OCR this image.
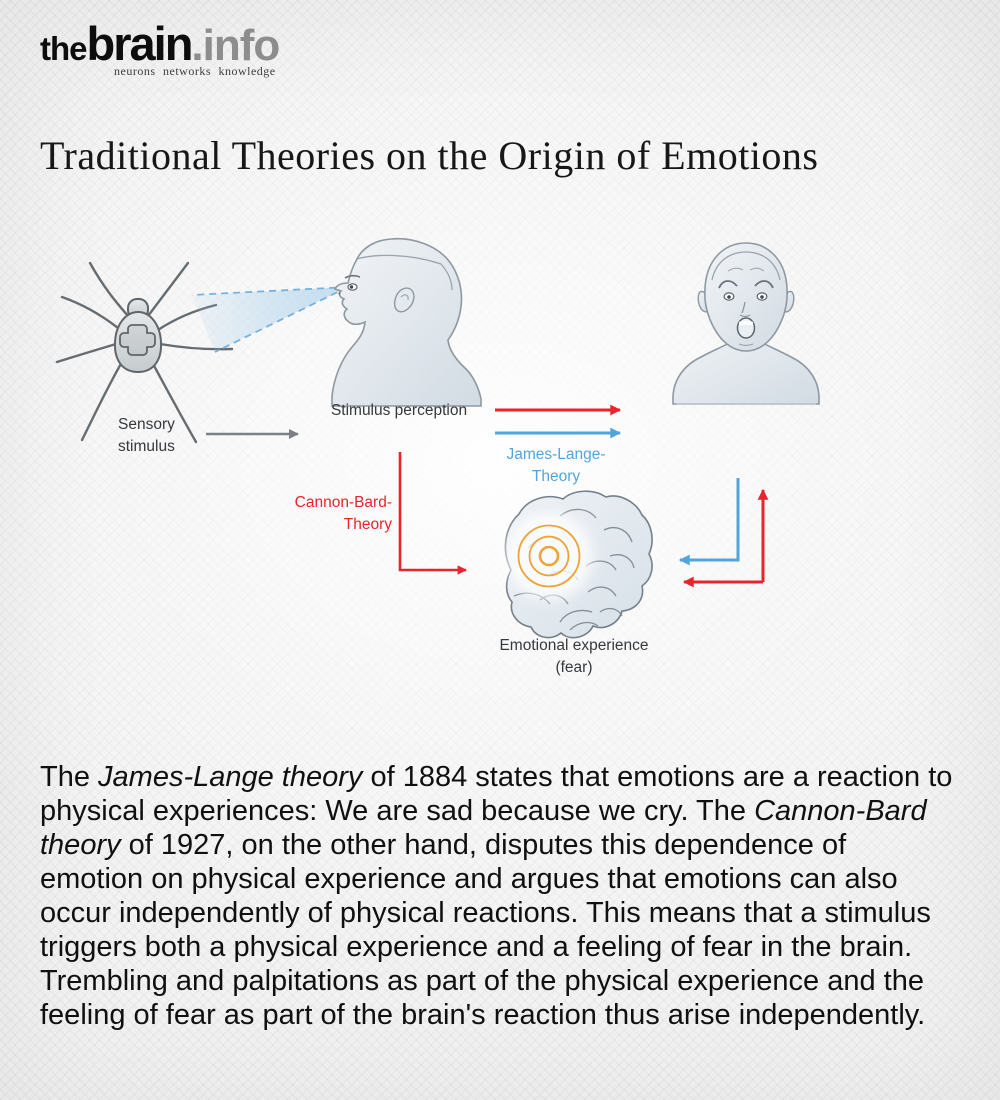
the brain .info
neurons networks knowledge
Traditional Theories on the Origin of Emotions
Sensory
stimulus
Stimulus perception
James-Lange-
Theory
Cannon-Bard-
Theory
Emotional experience
(fear)

The James-Lange theory of 1884 states that emotions are a reaction to physical experiences: We are sad because we cry. The Cannon-Bard theory of 1927, on the other hand, disputes this dependence of emotion on physical experience and argues that emotions can also occur independently of physical reactions. This means that a stimulus triggers both a physical experience and a feeling of fear in the brain. Trembling and palpitations as part of the physical experience and the feeling of fear as part of the brain's reaction thus arise independently.
